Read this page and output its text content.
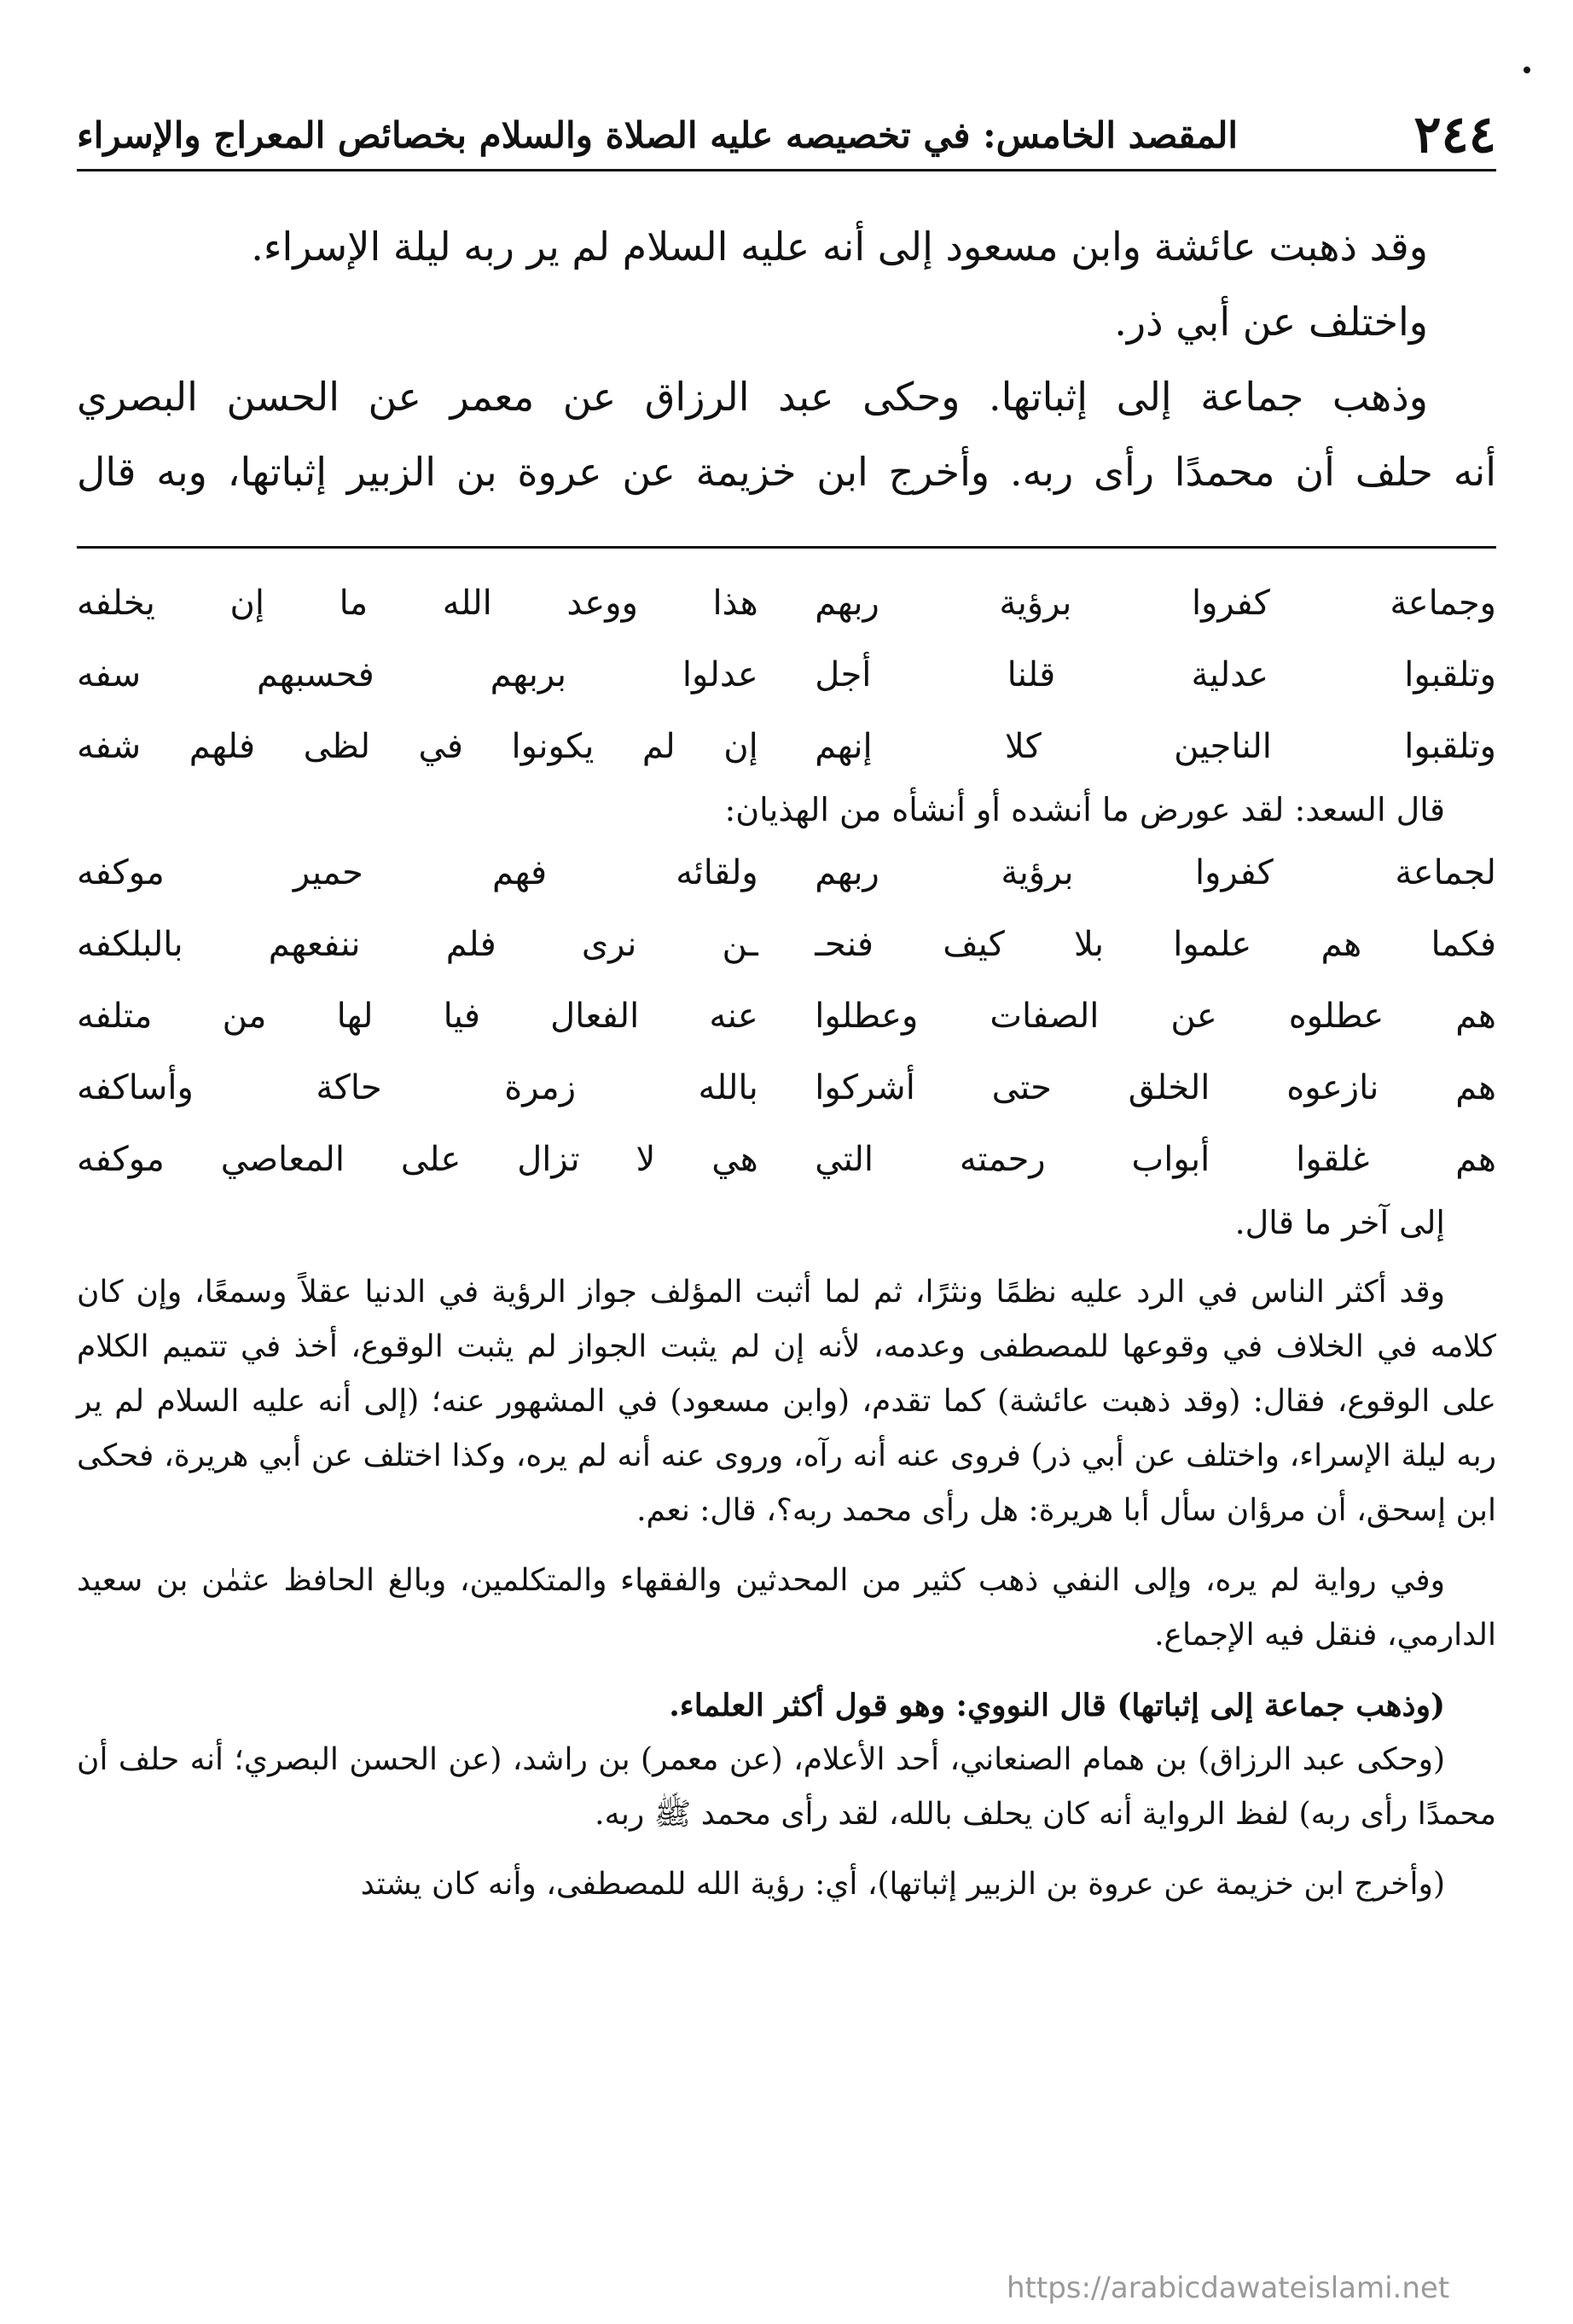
٢٤٤
المقصد الخامس: في تخصيصه عليه الصلاة والسلام بخصائص المعراج والإسراء

وقد ذهبت عائشة وابن مسعود إلى أنه عليه السلام لم ير ربه ليلة الإسراء.

واختلف عن أبي ذر.

وذهب جماعة إلى إثباتها. وحكى عبد الرزاق عن معمر عن الحسن البصري

أنه حلف أن محمدًا رأى ربه. وأخرج ابن خزيمة عن عروة بن الزبير إثباتها، وبه قال

وجماعة كفروا برؤية ربهم
هذا ووعد الله ما إن يخلفه
وتلقبوا عدلية قلنا أجل
عدلوا بربهم فحسبهم سفه
وتلقبوا الناجين كلا إنهم
إن لم يكونوا في لظى فلهم شفه

قال السعد: لقد عورض ما أنشده أو أنشأه من الهذيان:

لجماعة كفروا برؤية ربهم
ولقائه فهم حمير موكفه
فكما هم علموا بلا كيف فنحـ
ـن نرى فلم ننفعهم بالبلكفه
هم عطلوه عن الصفات وعطلوا
عنه الفعال فيا لها من متلفه
هم نازعوه الخلق حتى أشركوا
بالله زمرة حاكة وأساكفه
هم غلقوا أبواب رحمته التي
هي لا تزال على المعاصي موكفه

إلى آخر ما قال.

وقد أكثر الناس في الرد عليه نظمًا ونثرًا، ثم لما أثبت المؤلف جواز الرؤية في الدنيا عقلاً وسمعًا، وإن كان كلامه في الخلاف في وقوعها للمصطفى وعدمه، لأنه إن لم يثبت الجواز لم يثبت الوقوع، أخذ في تتميم الكلام على الوقوع، فقال: (وقد ذهبت عائشة) كما تقدم، (وابن مسعود) في المشهور عنه؛ (إلى أنه عليه السلام لم ير ربه ليلة الإسراء، واختلف عن أبي ذر) فروى عنه أنه رآه، وروى عنه أنه لم يره، وكذا اختلف عن أبي هريرة، فحكى ابن إسحق، أن مرؤان سأل أبا هريرة: هل رأى محمد ربه؟، قال: نعم.

وفي رواية لم يره، وإلى النفي ذهب كثير من المحدثين والفقهاء والمتكلمين، وبالغ الحافظ عثمٰن بن سعيد الدارمي، فنقل فيه الإجماع.

(وذهب جماعة إلى إثباتها) قال النووي: وهو قول أكثر العلماء.

(وحكى عبد الرزاق) بن همام الصنعاني، أحد الأعلام، (عن معمر) بن راشد، (عن الحسن البصري؛ أنه حلف أن محمدًا رأى ربه) لفظ الرواية أنه كان يحلف بالله، لقد رأى محمد ﷺ ربه.

(وأخرج ابن خزيمة عن عروة بن الزبير إثباتها)، أي: رؤية الله للمصطفى، وأنه كان يشتد

https://arabicdawateislami.net
